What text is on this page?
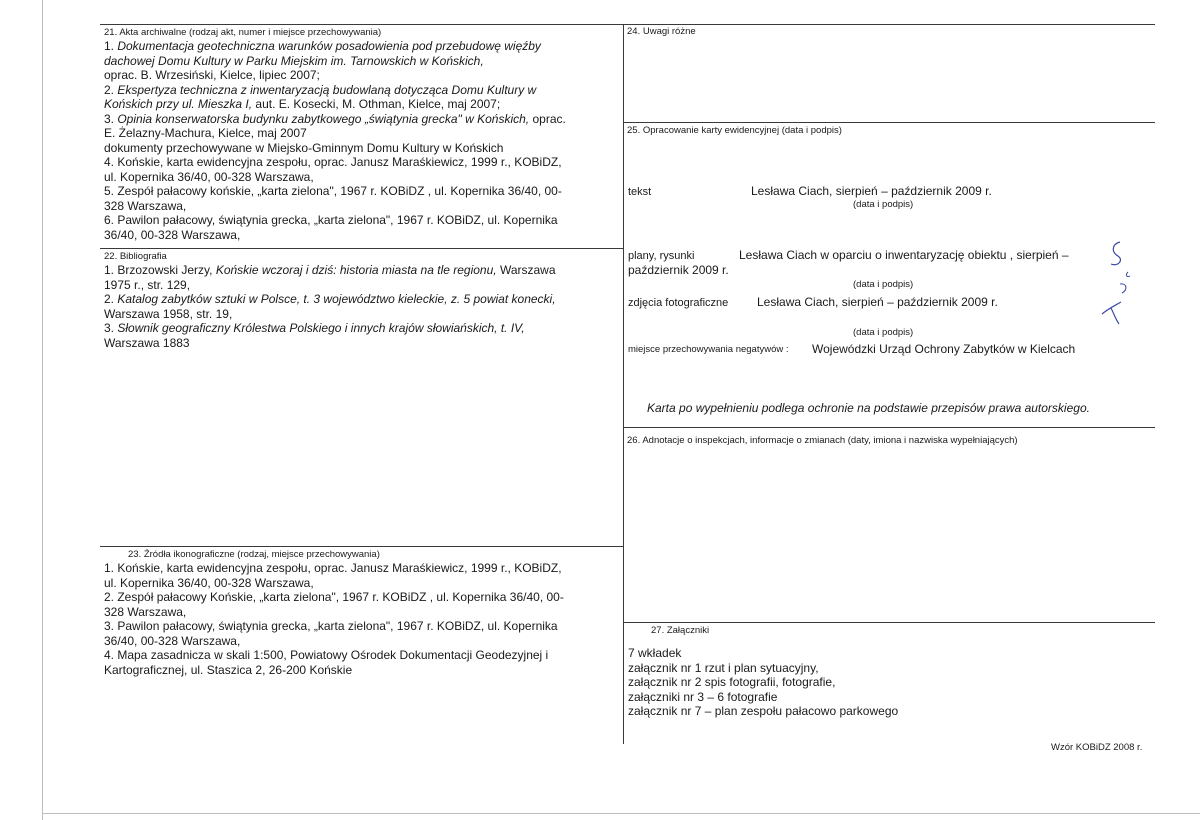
21. Akta archiwalne (rodzaj akt, numer i miejsce przechowywania)
1. Dokumentacja geotechniczna warunków posadowienia pod przebudowę więźby
dachowej Domu Kultury w Parku Miejskim im. Tarnowskich w Końskich,
oprac. B. Wrzesiński, Kielce, lipiec 2007;
2. Ekspertyza techniczna z inwentaryzacją budowlaną dotycząca Domu Kultury w
Końskich przy ul. Mieszka I, aut. E. Kosecki, M. Othman, Kielce, maj 2007;
3. Opinia konserwatorska budynku zabytkowego „świątynia grecka" w Końskich, oprac.
E. Żelazny-Machura, Kielce, maj 2007
dokumenty przechowywane w Miejsko-Gminnym Domu Kultury w Końskich
4. Końskie, karta ewidencyjna zespołu, oprac. Janusz Maraśkiewicz, 1999 r., KOBiDZ,
ul. Kopernika 36/40, 00-328 Warszawa,
5. Zespół pałacowy końskie, „karta zielona", 1967 r. KOBiDZ , ul. Kopernika 36/40, 00-
328 Warszawa,
6. Pawilon pałacowy, świątynia grecka, „karta zielona", 1967 r. KOBiDZ, ul. Kopernika
36/40, 00-328 Warszawa,
22. Bibliografia
1. Brzozowski Jerzy, Końskie wczoraj i dziś: historia miasta na tle regionu, Warszawa
1975 r., str. 129,
2. Katalog zabytków sztuki w Polsce, t. 3 województwo kieleckie, z. 5 powiat konecki,
Warszawa 1958, str. 19,
3. Słownik geograficzny Królestwa Polskiego i innych krajów słowiańskich, t. IV,
Warszawa 1883
23. Źródła ikonograficzne (rodzaj, miejsce przechowywania)
1. Końskie, karta ewidencyjna zespołu, oprac. Janusz Maraśkiewicz, 1999 r., KOBiDZ,
ul. Kopernika 36/40, 00-328 Warszawa,
2. Zespół pałacowy Końskie, „karta zielona", 1967 r. KOBiDZ , ul. Kopernika 36/40, 00-
328 Warszawa,
3. Pawilon pałacowy, świątynia grecka, „karta zielona", 1967 r. KOBiDZ, ul. Kopernika
36/40, 00-328 Warszawa,
4. Mapa zasadnicza w skali 1:500, Powiatowy Ośrodek Dokumentacji Geodezyjnej i
Kartograficznej, ul. Staszica 2, 26-200 Końskie
24. Uwagi różne
25. Opracowanie karty ewidencyjnej (data i podpis)
tekst	Lesława Ciach, sierpień – październik 2009 r.
(data i podpis)
plany, rysunki	Lesława Ciach w oparciu o inwentaryzację obiektu , sierpień –
październik 2009 r.
(data i podpis)
zdjęcia fotograficzne Lesława Ciach, sierpień – październik 2009 r.
(data i podpis)
miejsce przechowywania negatywów : Wojewódzki Urząd Ochrony Zabytków w Kielcach
Karta po wypełnieniu podlega ochronie na podstawie przepisów prawa autorskiego.
26. Adnotacje o inspekcjach, informacje o zmianach (daty, imiona i nazwiska wypełniających)
27. Załączniki
7 wkładek
załącznik nr 1 rzut i plan sytuacyjny,
załącznik nr 2 spis fotografii, fotografie,
załączniki nr 3 – 6 fotografie
załącznik nr 7 – plan zespołu pałacowo parkowego
Wzór KOBiDZ 2008 r.
